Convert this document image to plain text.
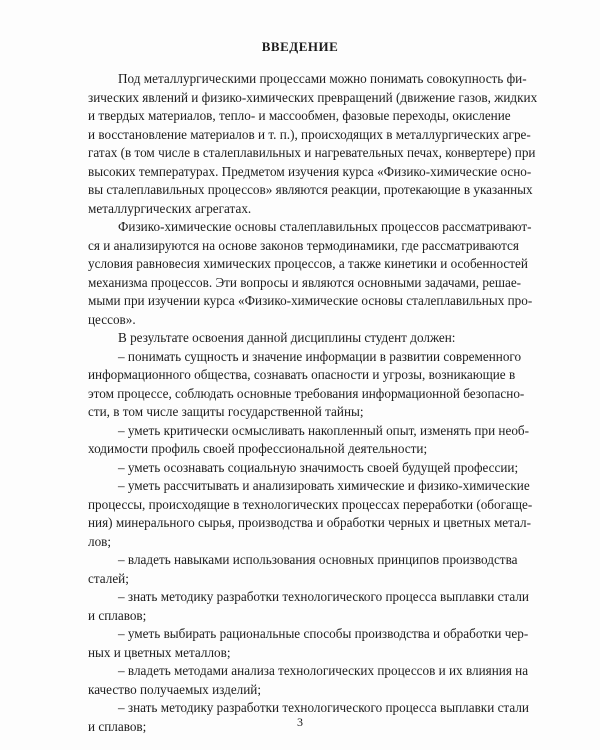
ВВЕДЕНИЕ

Под металлургическими процессами можно понимать совокупность фи-

зических явлений и физико-химических превращений (движение газов, жидких

и твердых материалов, тепло- и массообмен, фазовые переходы, окисление

и восстановление материалов и т. п.), происходящих в металлургических агре-

гатах (в том числе в сталеплавильных и нагревательных печах, конвертере) при

высоких температурах. Предметом изучения курса «Физико-химические осно-

вы сталеплавильных процессов» являются реакции, протекающие в указанных

металлургических агрегатах.

Физико-химические основы сталеплавильных процессов рассматривают-

ся и анализируются на основе законов термодинамики, где рассматриваются

условия равновесия химических процессов, а также кинетики и особенностей

механизма процессов. Эти вопросы и являются основными задачами, решае-

мыми при изучении курса «Физико-химические основы сталеплавильных про-

цессов».

В результате освоения данной дисциплины студент должен:

– понимать сущность и значение информации в развитии современного

информационного общества, сознавать опасности и угрозы, возникающие в

этом процессе, соблюдать основные требования информационной безопасно-

сти, в том числе защиты государственной тайны;

– уметь критически осмысливать накопленный опыт, изменять при необ-

ходимости профиль своей профессиональной деятельности;

– уметь осознавать социальную значимость своей будущей профессии;

– уметь рассчитывать и анализировать химические и физико-химические

процессы, происходящие в технологических процессах переработки (обогаще-

ния) минерального сырья, производства и обработки черных и цветных метал-

лов;

– владеть навыками использования основных принципов производства

сталей;

– знать методику разработки технологического процесса выплавки стали

и сплавов;

– уметь выбирать рациональные способы производства и обработки чер-

ных и цветных металлов;

– владеть методами анализа технологических процессов и их влияния на

качество получаемых изделий;

– знать методику разработки технологического процесса выплавки стали

и сплавов;	3
